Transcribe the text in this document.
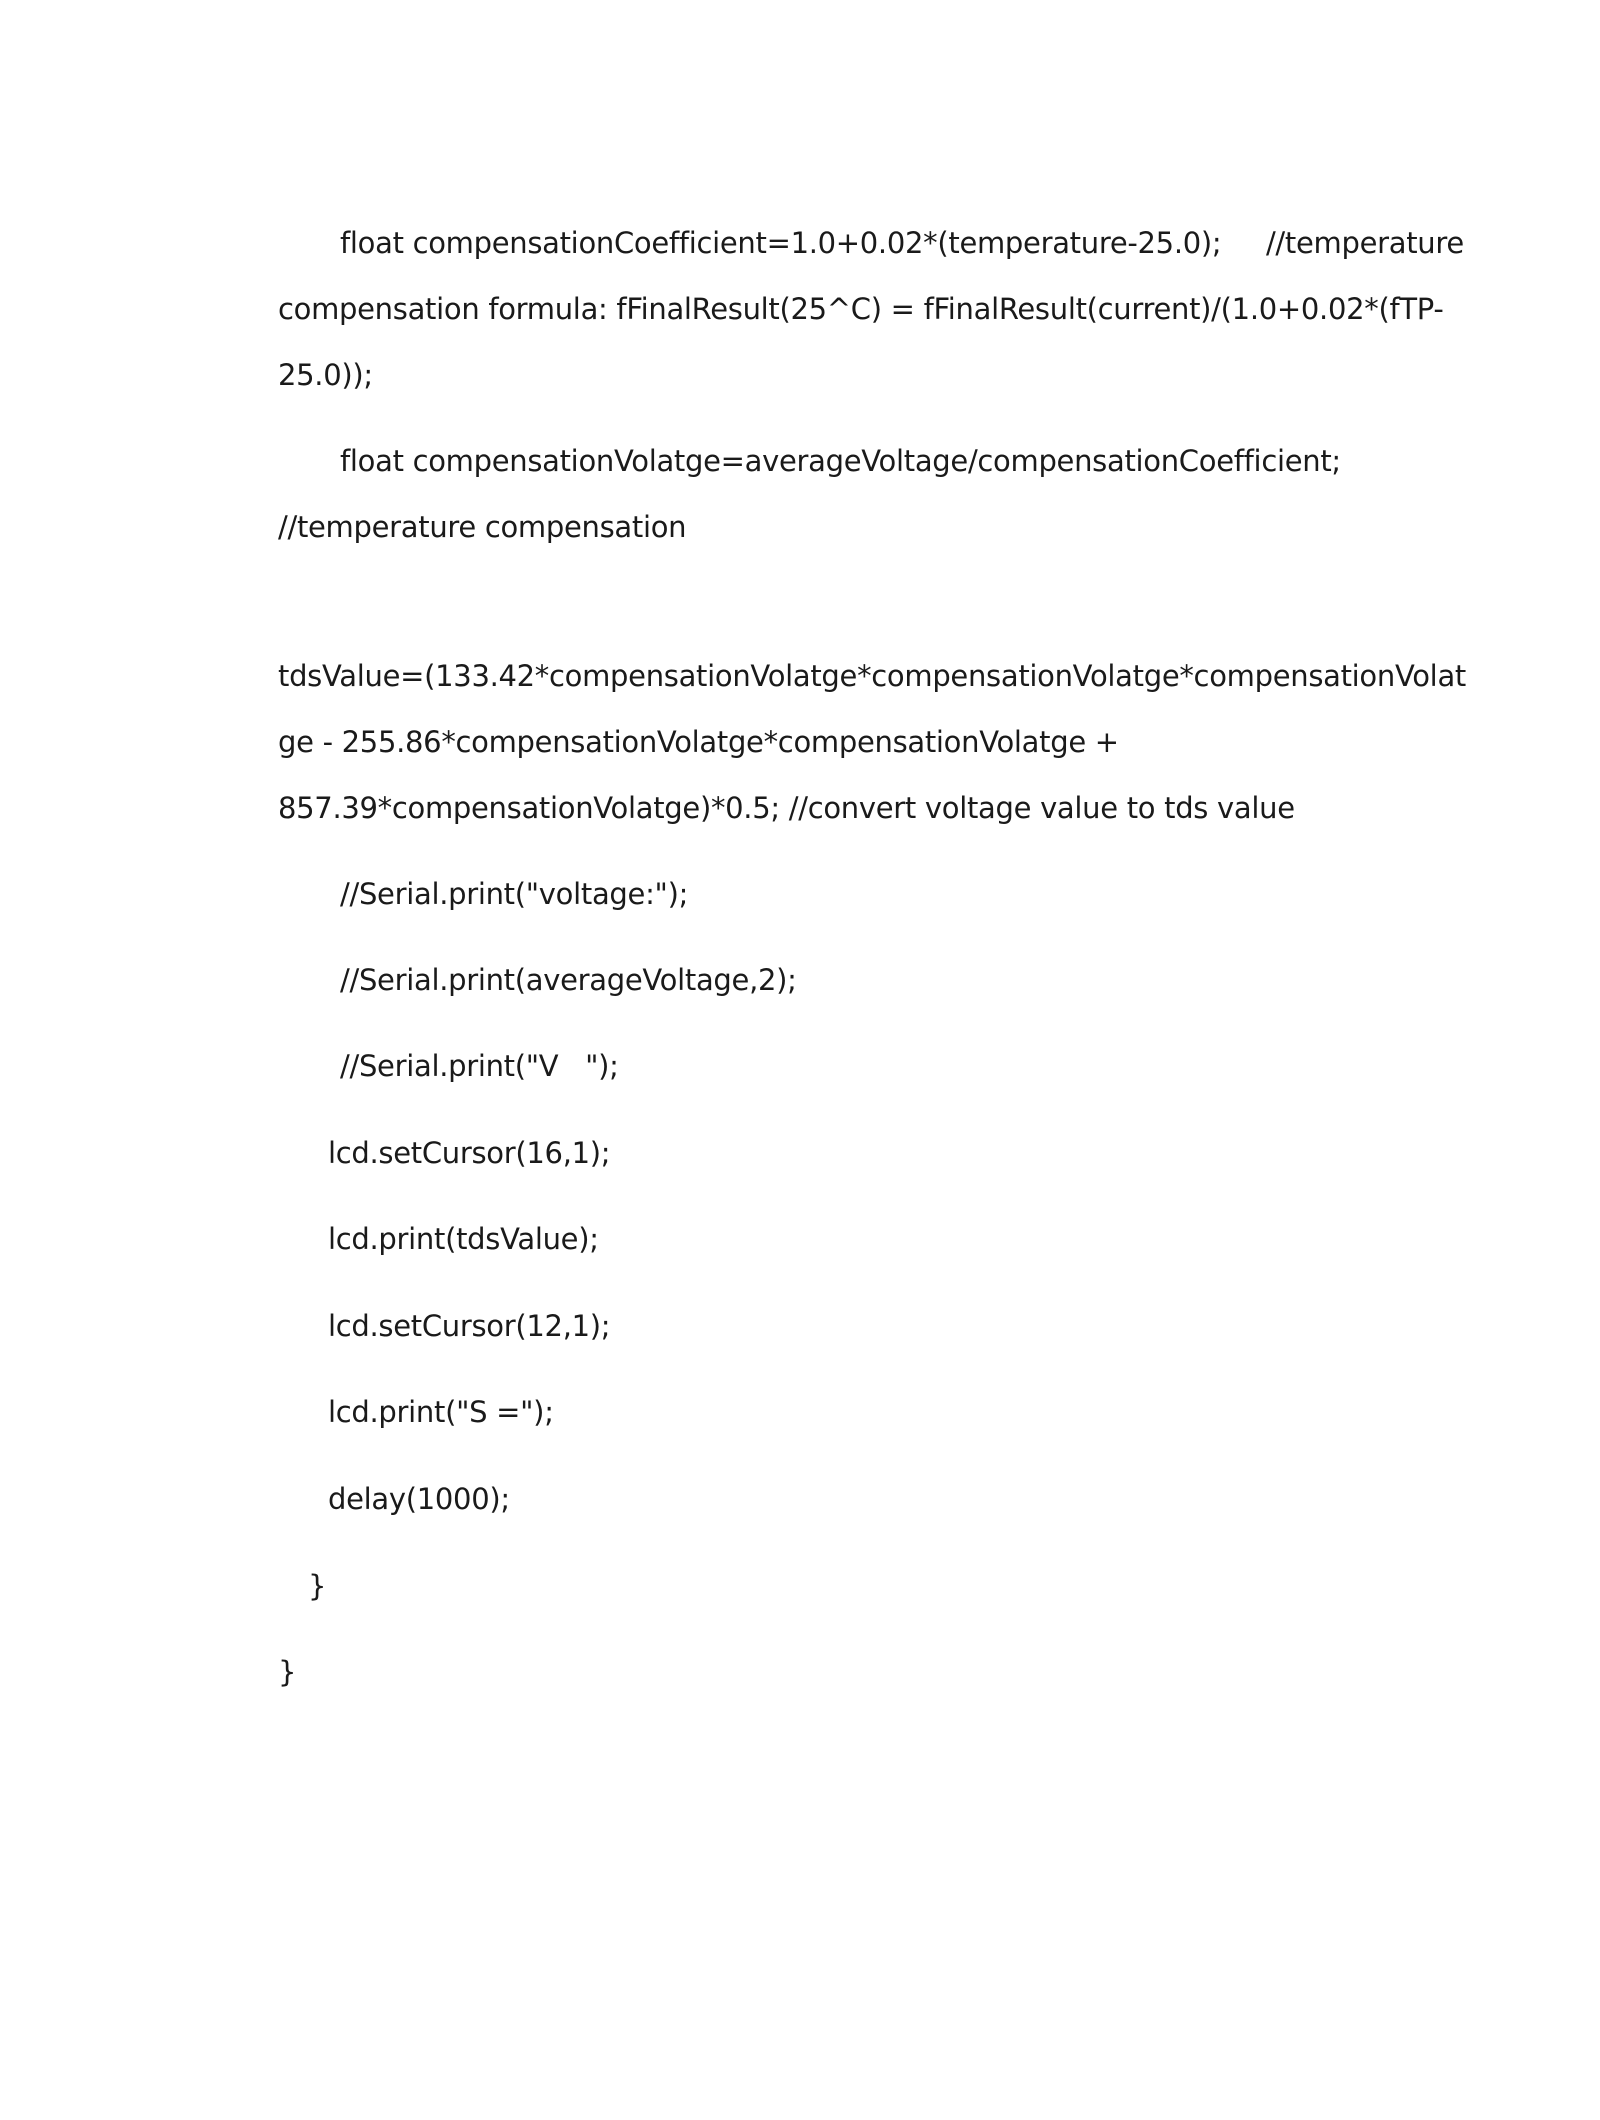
float compensationCoefficient=1.0+0.02*(temperature-25.0);     //temperature

compensation formula: fFinalResult(25^C) = fFinalResult(current)/(1.0+0.02*(fTP-

25.0));

float compensationVolatge=averageVoltage/compensationCoefficient;

//temperature compensation

tdsValue=(133.42*compensationVolatge*compensationVolatge*compensationVolat

ge - 255.86*compensationVolatge*compensationVolatge +

857.39*compensationVolatge)*0.5; //convert voltage value to tds value

//Serial.print("voltage:");

//Serial.print(averageVoltage,2);

//Serial.print("V   ");

lcd.setCursor(16,1);

lcd.print(tdsValue);

lcd.setCursor(12,1);

lcd.print("S =");

delay(1000);

}

}
